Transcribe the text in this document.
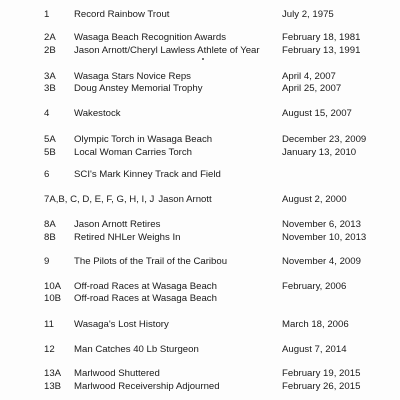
1	Record Rainbow Trout	July 2, 1975
2A Wasaga Beach Recognition Awards	February 18, 1981
2B Jason Arnott/Cheryl Lawless Athlete of Year February 13, 1991
3A Wasaga Stars Novice Reps	April 4, 2007
3B Doug Anstey Memorial Trophy	April 25, 2007
4	Wakestock	August 15, 2007
5A Olympic Torch in Wasaga Beach	December 23, 2009
5B Local Woman Carries Torch	January 13, 2010
6	SCI's Mark Kinney Track and Field
7A,B, C, D, E, F, G, H, I, J Jason Arnott	August 2, 2000
8A Jason Arnott Retires	November 6, 2013
8B Retired NHLer Weighs In	November 10, 2013
9	The Pilots of the Trail of the Caribou	November 4, 2009
10A Off-road Races at Wasaga Beach	February, 2006
10B Off-road Races at Wasaga Beach
11 Wasaga's Lost History	March 18, 2006
12 Man Catches 40 Lb Sturgeon	August 7, 2014
13A Marlwood Shuttered	February 19, 2015
13B Marlwood Receivership Adjourned	February 26, 2015
